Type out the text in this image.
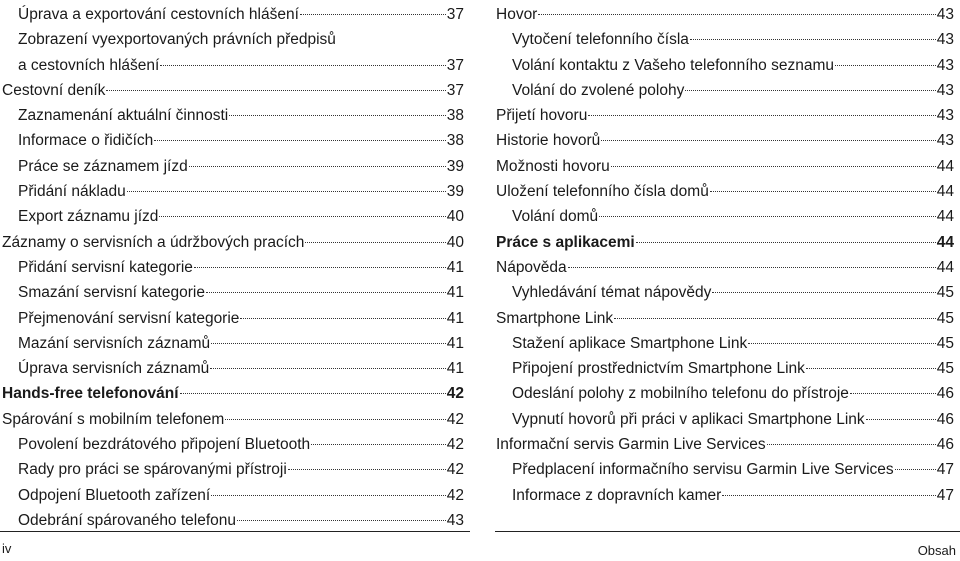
Úprava a exportování cestovních hlášení	37
Zobrazení vyexportovaných právních předpisů
a cestovních hlášení	37
Cestovní deník	37
Zaznamenání aktuální činnosti	38
Informace o řidičích	38
Práce se záznamem jízd	39
Přidání nákladu	39
Export záznamu jízd	40
Záznamy o servisních a údržbových pracích	40
Přidání servisní kategorie	41
Smazání servisní kategorie	41
Přejmenování servisní kategorie	41
Mazání servisních záznamů	41
Úprava servisních záznamů	41
Hands-free telefonování	42
Spárování s mobilním telefonem	42
Povolení bezdrátového připojení Bluetooth	42
Rady pro práci se spárovanými přístroji	42
Odpojení Bluetooth zařízení	42
Odebrání spárovaného telefonu	43
Hovor	43
Vytočení telefonního čísla	43
Volání kontaktu z Vašeho telefonního seznamu	43
Volání do zvolené polohy	43
Přijetí hovoru	43
Historie hovorů	43
Možnosti hovoru	44
Uložení telefonního čísla domů	44
Volání domů	44
Práce s aplikacemi	44
Nápověda	44
Vyhledávání témat nápovědy	45
Smartphone Link	45
Stažení aplikace Smartphone Link	45
Připojení prostřednictvím Smartphone Link	45
Odeslání polohy z mobilního telefonu do přístroje	46
Vypnutí hovorů při práci v aplikaci Smartphone Link	46
Informační servis Garmin Live Services	46
Předplacení informačního servisu Garmin Live Services	47
Informace z dopravních kamer	47
iv	Obsah
